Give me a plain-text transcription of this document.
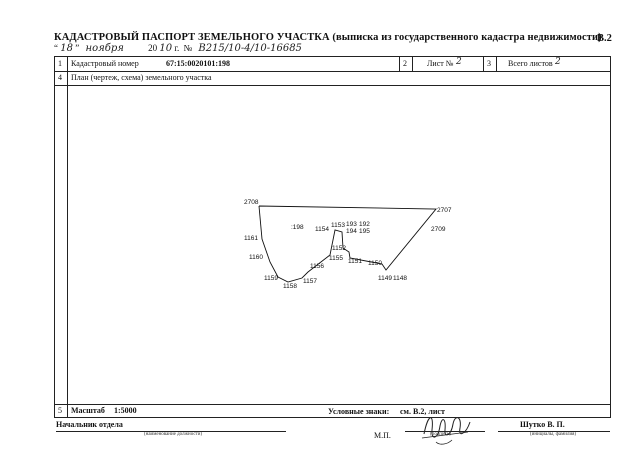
КАДАСТРОВЫЙ ПАСПОРТ ЗЕМЕЛЬНОГО УЧАСТКА (выписка из государственного кадастра недвижимости)
В.2
“ 18 ” ноября	20 10 г. № В215/10-4/10-16685
1 Кадастровый номер	67:15:0020101:198	2	Лист № 2	3 Всего листов 2
4 План (чертеж, схема) земельного участка
2708
2707
2709
1161
1160
1159
1158
1157
1156
1155
1154
1153 193 192
194 195
1152
1151 1150
1149 1148
:198
5 Масштаб 1:5000	Условные знаки: см. В.2, лист
Начальник отдела
(наименование должности)	(подпись)
М.П.
Шутко В. П.
(инициалы, фамилия)
